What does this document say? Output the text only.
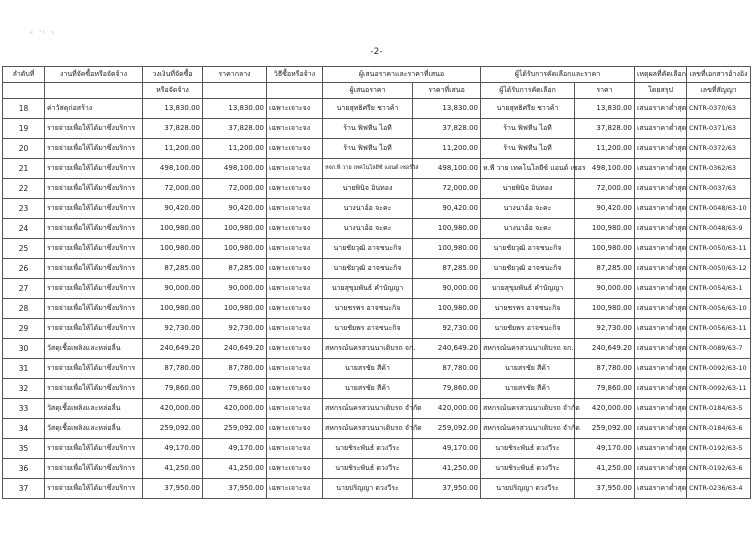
ᵉ ʹᵗ ˢ
-2-
ลำดับที่	งานที่จัดซื้อหรือจัดจ้าง	วงเงินที่จัดซื้อ	ราคากลาง	วิธีซื้อหรือจ้าง	ผู้เสนอราคาและราคาที่เสนอ		ผู้ได้รับการคัดเลือกและราคา		เหตุผลที่คัดเลือก	เลขที่เอกสารอ้างอิง
		หรือจัดจ้าง			ผู้เสนอราคา	ราคาที่เสนอ	ผู้ได้รับการคัดเลือก	ราคา	โดยสรุป	เลขที่สัญญา
18	ค่าวัสดุก่อสร้าง	13,830.00	13,830.00	เฉพาะเจาะจง	นายสุทธิศรีย ชาวค้า	13,830.00	นายสุทธิศรีย ชาวค้า	13,830.00	เสนอราคาต่ำสุด	CNTR-0370/63
19	รายจ่ายเพื่อให้ได้มาซึ่งบริการ	37,828.00	37,828.00	เฉพาะเจาะจง	ร้าน ฟิฟทีน ไอที	37,828.00	ร้าน ฟิฟทีน ไอที	37,828.00	เสนอราคาต่ำสุด	CNTR-0371/63
20	รายจ่ายเพื่อให้ได้มาซึ่งบริการ	11,200.00	11,200.00	เฉพาะเจาะจง	ร้าน ฟิฟทีน ไอที	11,200.00	ร้าน ฟิฟทีน ไอที	11,200.00	เสนอราคาต่ำสุด	CNTR-0372/63
21	รายจ่ายเพื่อให้ได้มาซึ่งบริการ	498,100.00	498,100.00	เฉพาะเจาะจง	หจก.พี วาย เทคโนโลยีซ์ แอนด์ เซอร์วิส	498,100.00	ห.พี วาย เทคโนโลยีซ์ แอนด์ เซอร	498,100.00	เสนอราคาต่ำสุด	CNTR-0362/63
22	รายจ่ายเพื่อให้ได้มาซึ่งบริการ	72,000.00	72,000.00	เฉพาะเจาะจง	นายพินิจ อินทอง	72,000.00	นายพินิจ อินทอง	72,000.00	เสนอราคาต่ำสุด	CNTR-0037/63
23	รายจ่ายเพื่อให้ได้มาซึ่งบริการ	90,420.00	90,420.00	เฉพาะเจาะจง	นางนาอ้อ จะคะ	90,420.00	นางนาอ้อ จะคะ	90,420.00	เสนอราคาต่ำสุด	CNTR-0048/63-10
24	รายจ่ายเพื่อให้ได้มาซึ่งบริการ	100,980.00	100,980.00	เฉพาะเจาะจง	นางนาอ้อ จะคะ	100,980.00	นางนาอ้อ จะคะ	100,980.00	เสนอราคาต่ำสุด	CNTR-0048/63-9
25	รายจ่ายเพื่อให้ได้มาซึ่งบริการ	100,980.00	100,980.00	เฉพาะเจาะจง	นายชัยวุฒิ อาจชนะกิจ	100,980.00	นายชัยวุฒิ อาจชนะกิจ	100,980.00	เสนอราคาต่ำสุด	CNTR-0050/63-11
26	รายจ่ายเพื่อให้ได้มาซึ่งบริการ	87,285.00	87,285.00	เฉพาะเจาะจง	นายชัยวุฒิ อาจชนะกิจ	87,285.00	นายชัยวุฒิ อาจชนะกิจ	87,285.00	เสนอราคาต่ำสุด	CNTR-0050/63-12
27	รายจ่ายเพื่อให้ได้มาซึ่งบริการ	90,000.00	90,000.00	เฉพาะเจาะจง	นายสุขุมพันธ์ คำบัญญา	90,000.00	นายสุขุมพันธ์ คำบัญญา	90,000.00	เสนอราคาต่ำสุด	CNTR-0054/63-1
28	รายจ่ายเพื่อให้ได้มาซึ่งบริการ	100,980.00	100,980.00	เฉพาะเจาะจง	นายชรพร อาจชนะกิจ	100,980.00	นายชรพร อาจชนะกิจ	100,980.00	เสนอราคาต่ำสุด	CNTR-0056/63-10
29	รายจ่ายเพื่อให้ได้มาซึ่งบริการ	92,730.00	92,730.00	เฉพาะเจาะจง	นายชัยพร อาจชนะกิจ	92,730.00	นายชัยพร อาจชนะกิจ	92,730.00	เสนอราคาต่ำสุด	CNTR-0056/63-11
30	วัสดุเชื้อเพลิงและหล่อลื่น	240,649.20	240,649.20	เฉพาะเจาะจง	สหกรณ์นครสวนนาเติบรถ จก.	240,649.20	สหกรณ์นครสวนนาเติบรถ จก.	240,649.20	เสนอราคาต่ำสุด	CNTR-0089/63-7
31	รายจ่ายเพื่อให้ได้มาซึ่งบริการ	87,780.00	87,780.00	เฉพาะเจาะจง	นายสรชัย สีค้า	87,780.00	นายสรชัย สีค้า	87,780.00	เสนอราคาต่ำสุด	CNTR-0092/63-10
32	รายจ่ายเพื่อให้ได้มาซึ่งบริการ	79,860.00	79,860.00	เฉพาะเจาะจง	นายสรชัย สีค้า	79,860.00	นายสรชัย สีค้า	79,860.00	เสนอราคาต่ำสุด	CNTR-0092/63-11
33	วัสดุเชื้อเพลิงและหล่อลื่น	420,000.00	420,000.00	เฉพาะเจาะจง	สหกรณ์นครสวนนาเติบรถ จำกัด	420,000.00	สหกรณ์นครสวนนาเติบรถ จำกัด	420,000.00	เสนอราคาต่ำสุด	CNTR-0184/63-5
34	วัสดุเชื้อเพลิงและหล่อลื่น	259,092.00	259,092.00	เฉพาะเจาะจง	สหกรณ์นครสวนนาเติบรถ จำกัด	259,092.00	สหกรณ์นครสวนนาเติบรถ จำกัด	259,092.00	เสนอราคาต่ำสุด	CNTR-0184/63-6
35	รายจ่ายเพื่อให้ได้มาซึ่งบริการ	49,170.00	49,170.00	เฉพาะเจาะจง	นายชิระพันธ์ ดวงวีระ	49,170.00	นายชิระพันธ์ ดวงวีระ	49,170.00	เสนอราคาต่ำสุด	CNTR-0192/63-5
36	รายจ่ายเพื่อให้ได้มาซึ่งบริการ	41,250.00	41,250.00	เฉพาะเจาะจง	นายชิระพันธ์ ดวงวีระ	41,250.00	นายชิระพันธ์ ดวงวีระ	41,250.00	เสนอราคาต่ำสุด	CNTR-0192/63-6
37	รายจ่ายเพื่อให้ได้มาซึ่งบริการ	37,950.00	37,950.00	เฉพาะเจาะจง	นายปริญญา ดวงวีระ	37,950.00	นายปริญญา ดวงวีระ	37,950.00	เสนอราคาต่ำสุด	CNTR-0236/63-4
